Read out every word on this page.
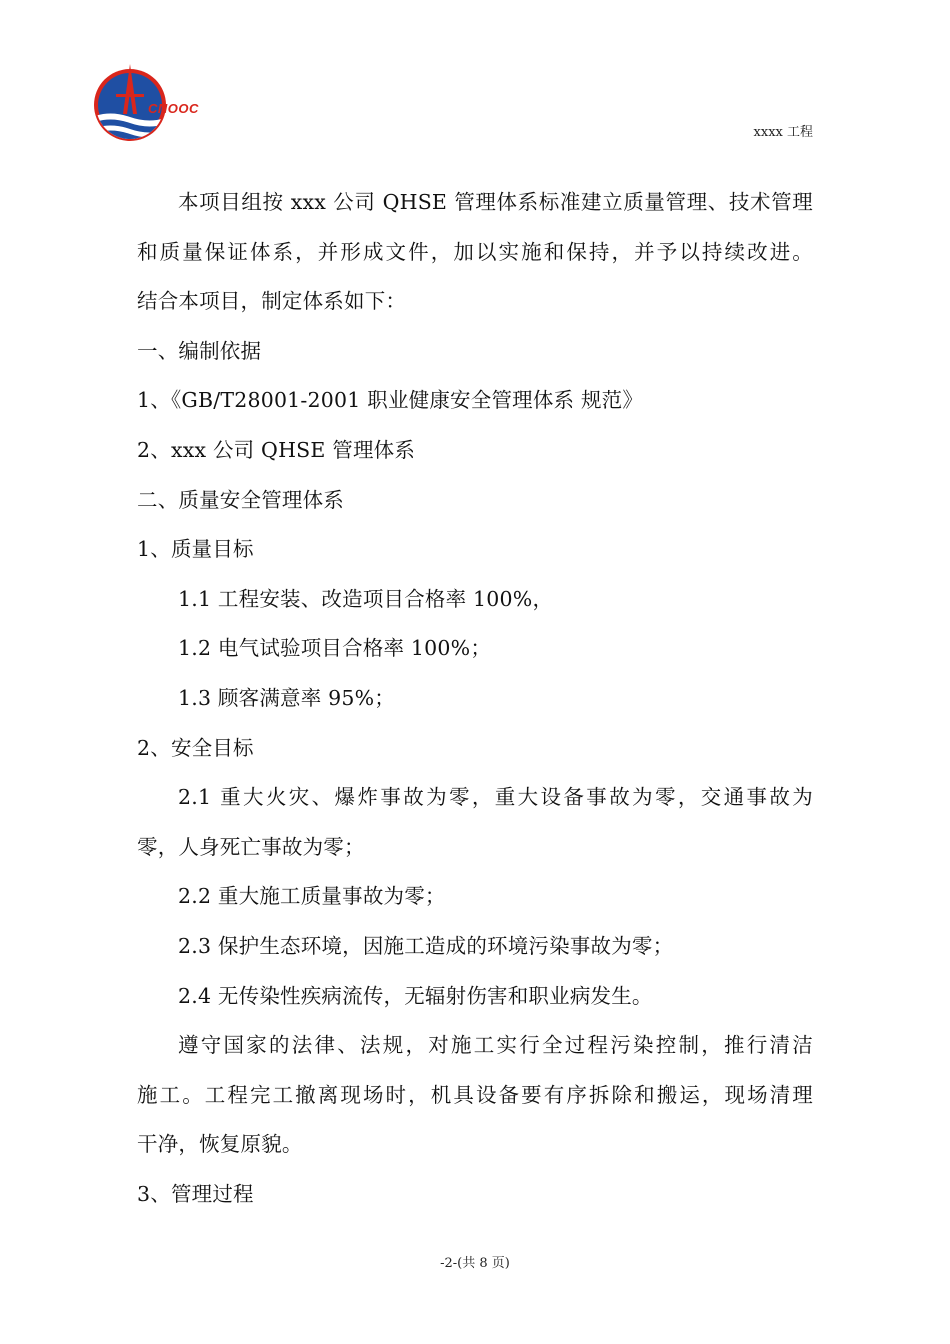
CNOOC
xxxx 工程
本项目组按 xxx 公司 QHSE 管理体系标准建立质量管理、技术管理
和质量保证体系，并形成文件，加以实施和保持，并予以持续改进。
结合本项目，制定体系如下：
一、编制依据
1、《GB/T28001-2001 职业健康安全管理体系 规范》
2、xxx 公司 QHSE 管理体系
二、质量安全管理体系
1、质量目标
1.1 工程安装、改造项目合格率 100%，
1.2 电气试验项目合格率 100%；
1.3 顾客满意率 95%；
2、安全目标
2.1 重大火灾、爆炸事故为零，重大设备事故为零，交通事故为
零，人身死亡事故为零；
2.2 重大施工质量事故为零；
2.3 保护生态环境，因施工造成的环境污染事故为零；
2.4 无传染性疾病流传，无辐射伤害和职业病发生。
遵守国家的法律、法规，对施工实行全过程污染控制，推行清洁
施工。工程完工撤离现场时，机具设备要有序拆除和搬运，现场清理
干净，恢复原貌。
3、管理过程
-2-(共 8 页)
